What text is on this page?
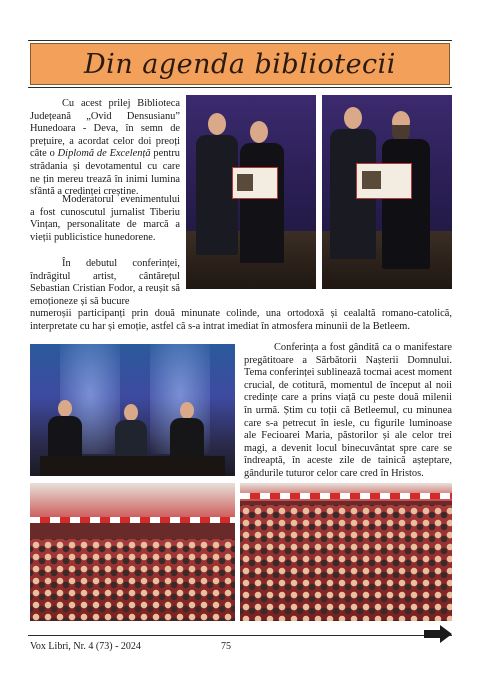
Din agenda bibliotecii

Cu acest prilej Biblioteca Județeană „Ovid Densusianu” Hunedoara - Deva, în semn de prețuire, a acordat celor doi preoți câte o Diplomă de Excelență pentru strădania și devotamentul cu care ne țin mereu trează în inimi lumina sfântă a credinței creștine.

Moderatorul evenimentului a fost cunoscutul jurnalist Tiberiu Vințan, personalitate de marcă a vieții publicistice hunedorene.

În debutul conferinței, îndrăgitul artist, cântărețul Sebastian Cristian Fodor, a reușit să emoționeze și să bucure

numeroșii participanți prin două minunate colinde, una ortodoxă și cealaltă romano-catolică, interpretate cu har și emoție, astfel că s-a intrat imediat în atmosfera minunii de la Betleem.

Conferința a fost gândită ca o manifestare pregătitoare a Sărbătorii Nașterii Domnului. Tema conferinței sublinează tocmai acest moment crucial, de cotitură, momentul de început al noii credințe care a prins viață cu peste două milenii în urmă. Știm cu toții că Betleemul, cu minunea care s-a petrecut în iesle, cu figurile luminoase ale Fecioarei Maria, păstorilor și ale celor trei magi, a devenit locul binecuvântat spre care se îndreaptă, în aceste zile de tainică așteptare, gândurile tuturor celor care cred în Hristos.

Vox Libri, Nr. 4 (73) - 2024	75
